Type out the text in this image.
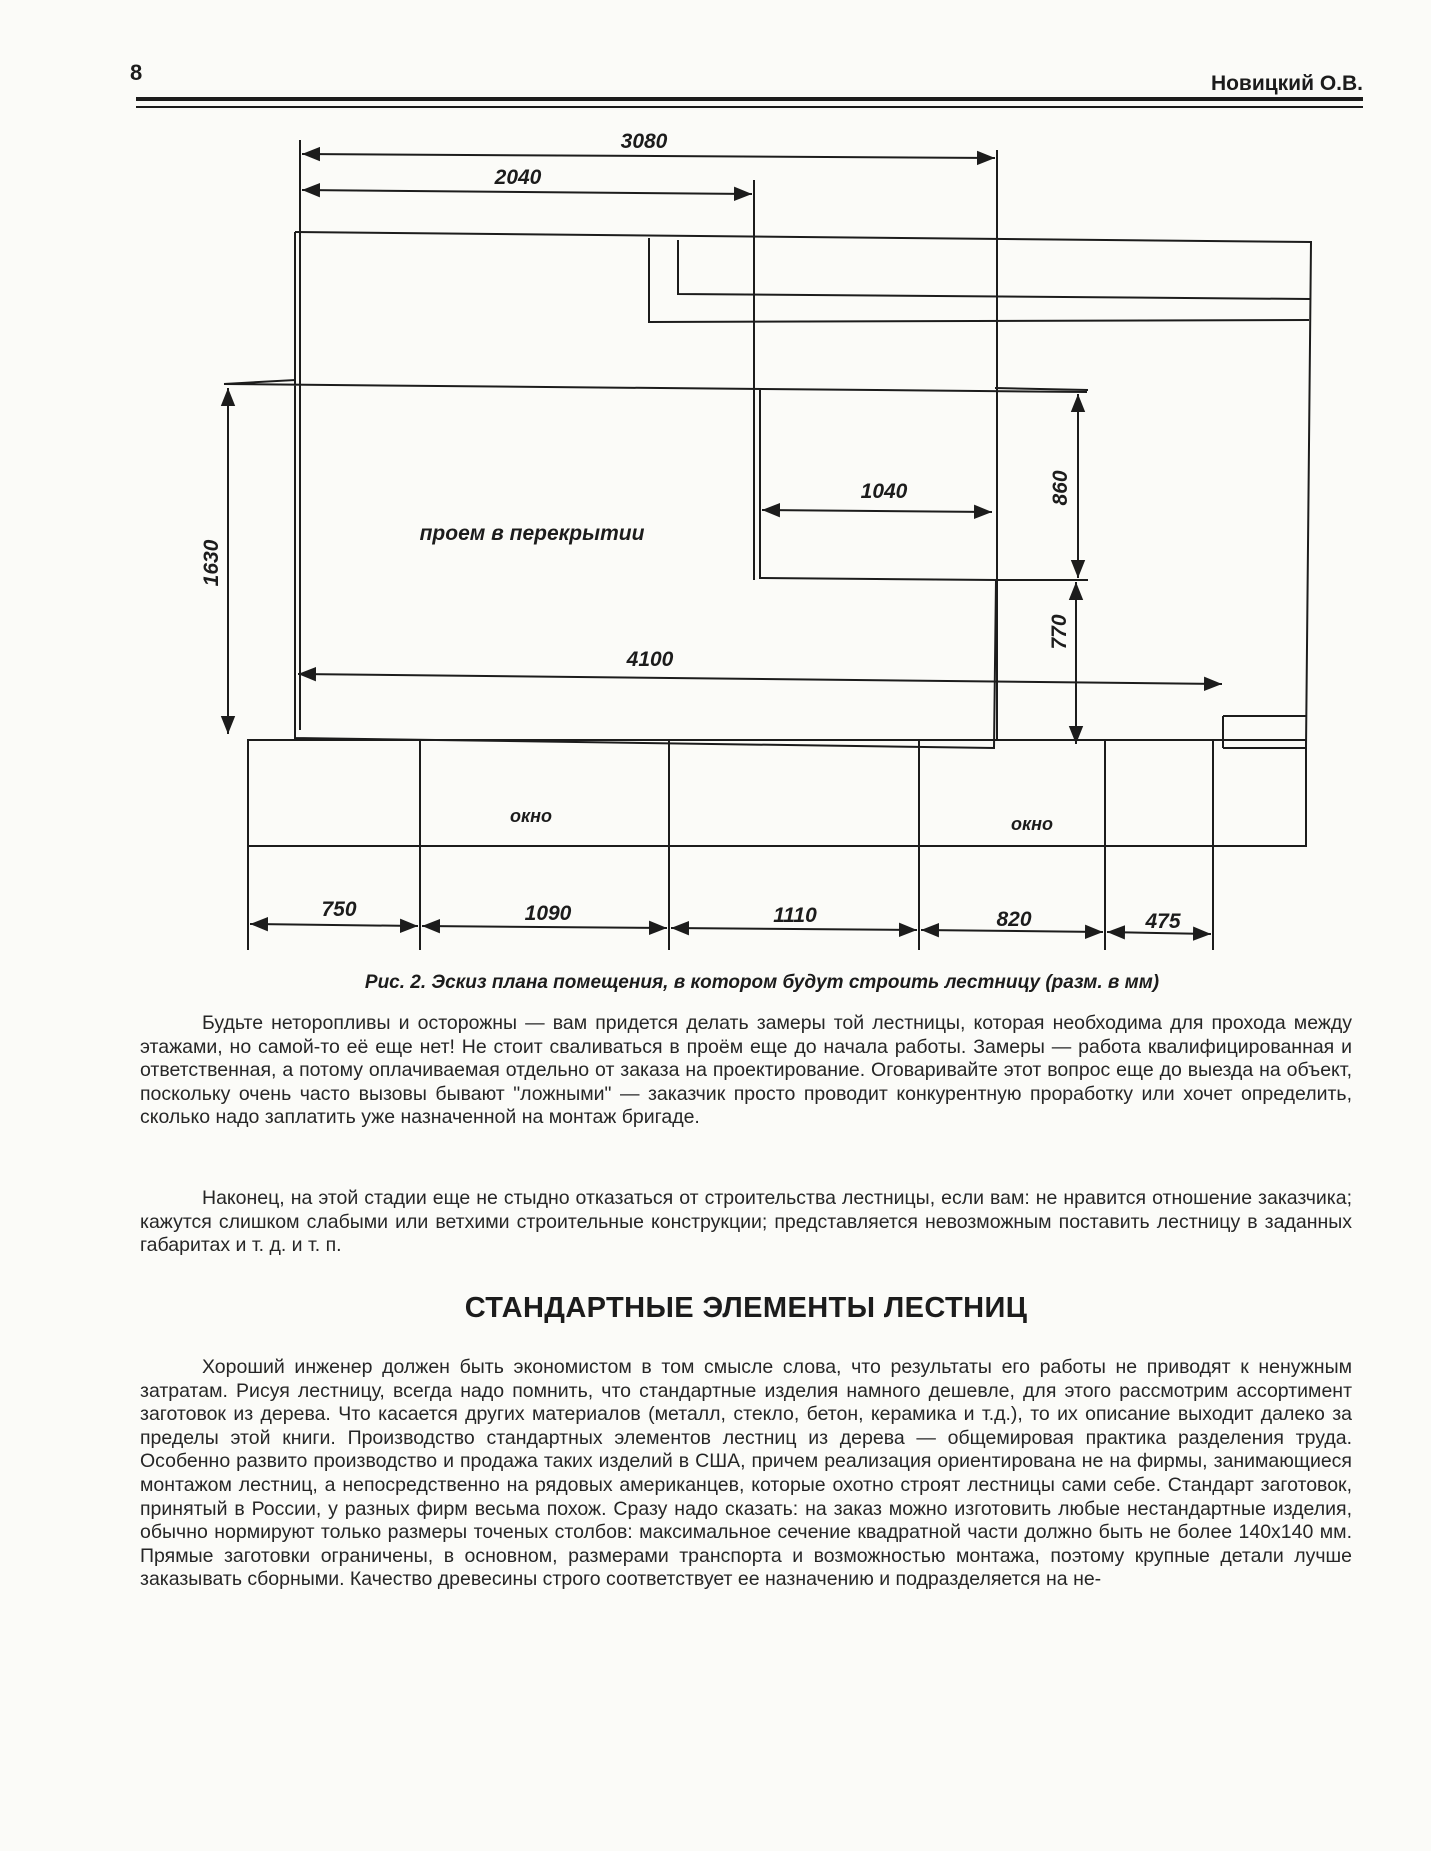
8	Новицкий О.В.
3080
2040
1630
1040	860
770
4100
750	1090	1110	820	475
проем в перекрытии
окно	окно
Рис. 2. Эскиз плана помещения, в котором будут строить лестницу (разм. в мм)
Будьте неторопливы и осторожны — вам придется делать замеры той лестницы, которая необходима для прохода между этажами, но самой-то её еще нет! Не стоит сваливаться в проём еще до начала работы. Замеры — работа квалифицированная и ответственная, а потому оплачиваемая отдельно от заказа на проектирование. Оговаривайте этот вопрос еще до выезда на объект, поскольку очень часто вызовы бывают "ложными" — заказчик просто проводит конкурентную проработку или хочет определить, сколько надо заплатить уже назначенной на монтаж бригаде.
Наконец, на этой стадии еще не стыдно отказаться от строительства лестницы, если вам: не нравится отношение заказчика; кажутся слишком слабыми или ветхими строительные конструкции; представляется невозможным поставить лестницу в заданных габаритах и т. д. и т. п.
СТАНДАРТНЫЕ ЭЛЕМЕНТЫ ЛЕСТНИЦ
Хороший инженер должен быть экономистом в том смысле слова, что результаты его работы не приводят к ненужным затратам. Рисуя лестницу, всегда надо помнить, что стандартные изделия намного дешевле, для этого рассмотрим ассортимент заготовок из дерева. Что касается других материалов (металл, стекло, бетон, керамика и т.д.), то их описание выходит далеко за пределы этой книги. Производство стандартных элементов лестниц из дерева — общемировая практика разделения труда. Особенно развито производство и продажа таких изделий в США, причем реализация ориентирована не на фирмы, занимающиеся монтажом лестниц, а непосредственно на рядовых американцев, которые охотно строят лестницы сами себе. Стандарт заготовок, принятый в России, у разных фирм весьма похож. Сразу надо сказать: на заказ можно изготовить любые нестандартные изделия, обычно нормируют только размеры точеных столбов: максимальное сечение квадратной части должно быть не более 140х140 мм. Прямые заготовки ограничены, в основном, размерами транспорта и возможностью монтажа, поэтому крупные детали лучше заказывать сборными. Качество древесины строго соответствует ее назначению и подразделяется на не-
